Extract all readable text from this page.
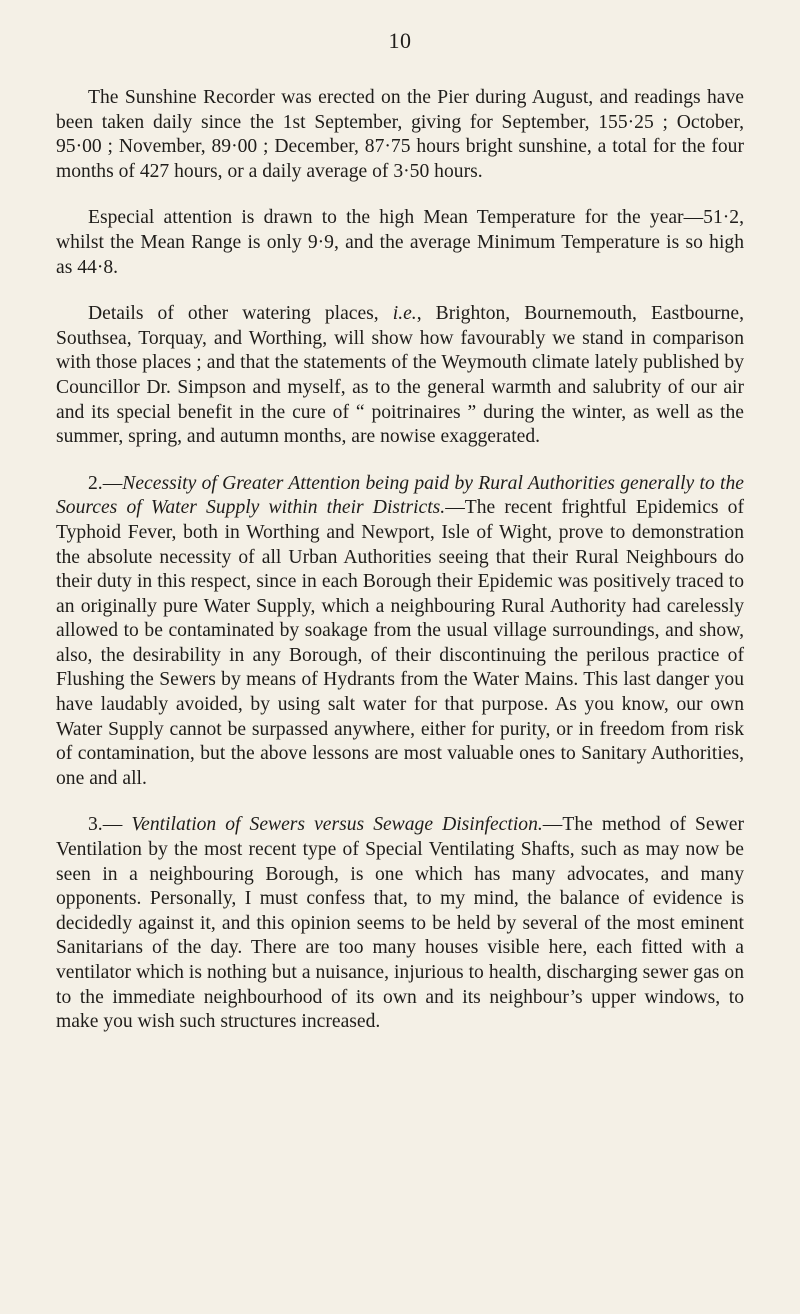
10

The Sunshine Recorder was erected on the Pier during August, and readings have been taken daily since the 1st September, giving for September, 155·25 ; October, 95·00 ; November, 89·00 ; December, 87·75 hours bright sunshine, a total for the four months of 427 hours, or a daily average of 3·50 hours.

Especial attention is drawn to the high Mean Temperature for the year—51·2, whilst the Mean Range is only 9·9, and the average Minimum Temperature is so high as 44·8.

Details of other watering places, i.e., Brighton, Bournemouth, Eastbourne, Southsea, Torquay, and Worthing, will show how favourably we stand in comparison with those places ; and that the statements of the Weymouth climate lately published by Councillor Dr. Simpson and myself, as to the general warmth and salubrity of our air and its special benefit in the cure of “ poitrinaires ” during the winter, as well as the summer, spring, and autumn months, are nowise exaggerated.

2.—Necessity of Greater Attention being paid by Rural Authorities generally to the Sources of Water Supply within their Districts.—The recent frightful Epidemics of Typhoid Fever, both in Worthing and Newport, Isle of Wight, prove to demonstration the absolute necessity of all Urban Authorities seeing that their Rural Neighbours do their duty in this respect, since in each Borough their Epidemic was positively traced to an originally pure Water Supply, which a neighbouring Rural Authority had carelessly allowed to be contaminated by soakage from the usual village surroundings, and show, also, the desirability in any Borough, of their discontinuing the perilous practice of Flushing the Sewers by means of Hydrants from the Water Mains. This last danger you have laudably avoided, by using salt water for that purpose. As you know, our own Water Supply cannot be surpassed anywhere, either for purity, or in freedom from risk of contamination, but the above lessons are most valuable ones to Sanitary Authorities, one and all.

3.— Ventilation of Sewers versus Sewage Disinfection.—The method of Sewer Ventilation by the most recent type of Special Ventilating Shafts, such as may now be seen in a neighbouring Borough, is one which has many advocates, and many opponents. Personally, I must confess that, to my mind, the balance of evidence is decidedly against it, and this opinion seems to be held by several of the most eminent Sanitarians of the day. There are too many houses visible here, each fitted with a ventilator which is nothing but a nuisance, injurious to health, discharging sewer gas on to the immediate neighbourhood of its own and its neighbour’s upper windows, to make you wish such structures increased.
